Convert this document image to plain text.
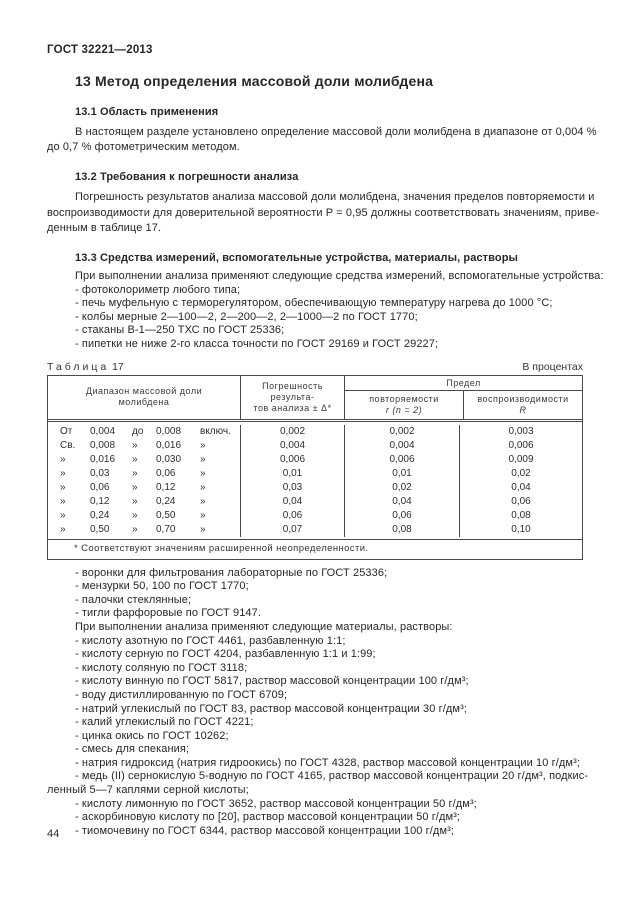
ГОСТ 32221—2013
13 Метод определения массовой доли молибдена
13.1 Область применения
В настоящем разделе установлено определение массовой доли молибдена в диапазоне от 0,004 %
до 0,7 % фотометрическим методом.
13.2 Требования к погрешности анализа
Погрешность результатов анализа массовой доли молибдена, значения пределов повторяемости и
воспроизводимости для доверительной вероятности P = 0,95 должны соответствовать значениям, приве-
денным в таблице 17.
13.3 Средства измерений, вспомогательные устройства, материалы, растворы
При выполнении анализа применяют следующие средства измерений, вспомогательные устройства:
- фотоколориметр любого типа;
- печь муфельную с терморегулятором, обеспечивающую температуру нагрева до 1000 °С;
- колбы мерные 2—100—2, 2—200—2, 2—1000—2 по ГОСТ 1770;
- стаканы В-1—250 ТХС по ГОСТ 25336;
- пипетки не ниже 2-го класса точности по ГОСТ 29169 и ГОСТ 29227;
Таблица 17	В процентах
Диапазон массовой доли
молибдена
Погрешность результа-
тов анализа ± Δ*
Предел
повторяемости
r (n = 2)
воспроизводимости
R
От	0,004	до	0,008	включ.	0,002	0,002	0,003
Св.	0,008	»	0,016	»	0,004	0,004	0,006
»	0,016	»	0,030	»	0,006	0,006	0,009
»	0,03	»	0,06	»	0,01	0,01	0,02
»	0,06	»	0,12	»	0,03	0,02	0,04
»	0,12	»	0,24	»	0,04	0,04	0,06
»	0,24	»	0,50	»	0,06	0,06	0,08
»	0,50	»	0,70	»	0,07	0,08	0,10
* Соответствуют значениям расширенной неопределенности.
- воронки для фильтрования лабораторные по ГОСТ 25336;
- мензурки 50, 100 по ГОСТ 1770;
- палочки стеклянные;
- тигли фарфоровые по ГОСТ 9147.
При выполнении анализа применяют следующие материалы, растворы:
- кислоту азотную по ГОСТ 4461, разбавленную 1:1;
- кислоту серную по ГОСТ 4204, разбавленную 1:1 и 1:99;
- кислоту соляную по ГОСТ 3118;
- кислоту винную по ГОСТ 5817, раствор массовой концентрации 100 г/дм³;
- воду дистиллированную по ГОСТ 6709;
- натрий углекислый по ГОСТ 83, раствор массовой концентрации 30 г/дм³;
- калий углекислый по ГОСТ 4221;
- цинка окись по ГОСТ 10262;
- смесь для спекания;
- натрия гидроксид (натрия гидроокись) по ГОСТ 4328, раствор массовой концентрации 10 г/дм³;
- медь (II) сернокислую 5-водную по ГОСТ 4165, раствор массовой концентрации 20 г/дм³, подкис-
ленный 5—7 каплями серной кислоты;
- кислоту лимонную по ГОСТ 3652, раствор массовой концентрации 50 г/дм³;
- аскорбиновую кислоту по [20], раствор массовой концентрации 50 г/дм³;
- тиомочевину по ГОСТ 6344, раствор массовой концентрации 100 г/дм³;
44
